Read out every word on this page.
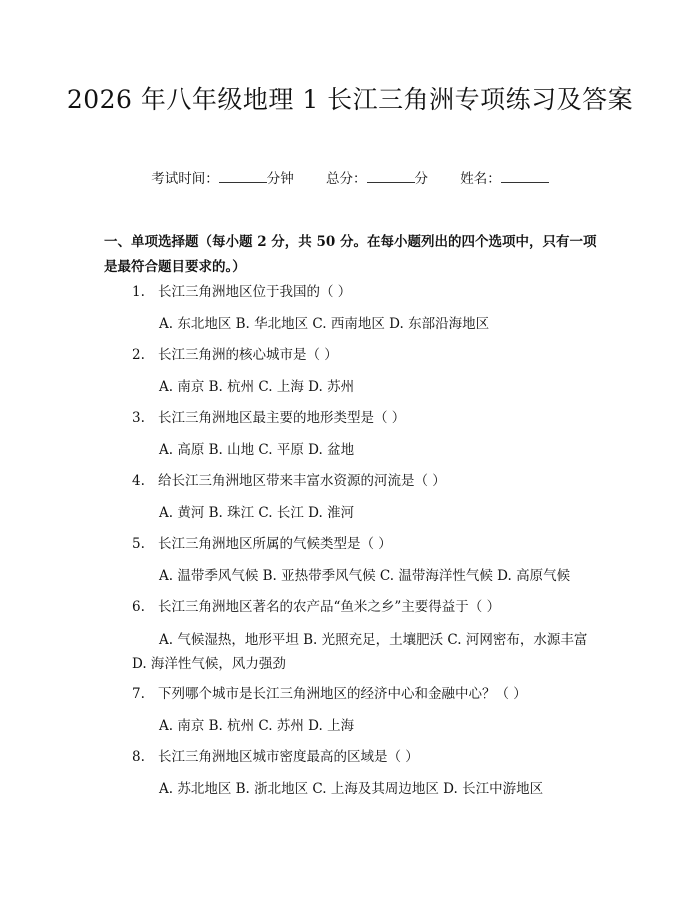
2026 年八年级地理 1 长江三角洲专项练习及答案
考试时间：	分钟 总分：	分 姓名：
一、单项选择题（每小题 2 分，共 50 分。在每小题列出的四个选项中，只有一项是最符合题目要求的。）
1. 长江三角洲地区位于我国的（ ）
A. 东北地区 B. 华北地区 C. 西南地区 D. 东部沿海地区
2. 长江三角洲的核心城市是（ ）
A. 南京 B. 杭州 C. 上海 D. 苏州
3. 长江三角洲地区最主要的地形类型是（ ）
A. 高原 B. 山地 C. 平原 D. 盆地
4. 给长江三角洲地区带来丰富水资源的河流是（ ）
A. 黄河 B. 珠江 C. 长江 D. 淮河
5. 长江三角洲地区所属的气候类型是（ ）
A. 温带季风气候 B. 亚热带季风气候 C. 温带海洋性气候 D. 高原气候
6. 长江三角洲地区著名的农产品“鱼米之乡”主要得益于（ ）
A. 气候湿热，地形平坦 B. 光照充足，土壤肥沃 C. 河网密布，水源丰富 D. 海洋性气候，风力强劲
7. 下列哪个城市是长江三角洲地区的经济中心和金融中心？（ ）
A. 南京 B. 杭州 C. 苏州 D. 上海
8. 长江三角洲地区城市密度最高的区域是（ ）
A. 苏北地区 B. 浙北地区 C. 上海及其周边地区 D. 长江中游地区
